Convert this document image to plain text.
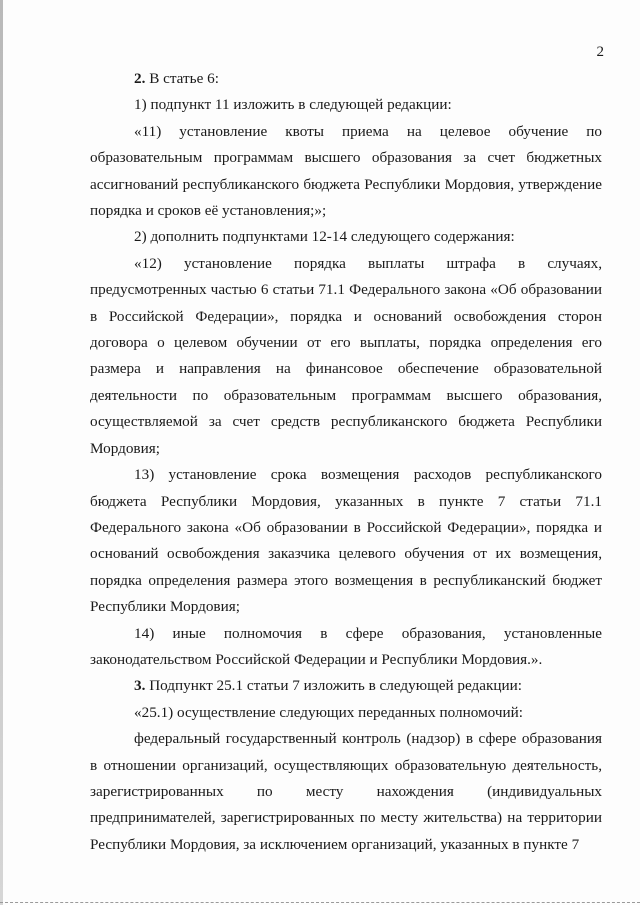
2

2. В статье 6:

1) подпункт 11 изложить в следующей редакции:

«11) установление квоты приема на целевое обучение по образовательным программам высшего образования за счет бюджетных ассигнований республиканского бюджета Республики Мордовия, утверждение порядка и сроков её установления;»;

2) дополнить подпунктами 12-14 следующего содержания:

«12) установление порядка выплаты штрафа в случаях, предусмотренных частью 6 статьи 71.1 Федерального закона «Об образовании в Российской Федерации», порядка и оснований освобождения сторон договора о целевом обучении от его выплаты, порядка определения его размера и направления на финансовое обеспечение образовательной деятельности по образовательным программам высшего образования, осуществляемой за счет средств республиканского бюджета Республики Мордовия;

13) установление срока возмещения расходов республиканского бюджета Республики Мордовия, указанных в пункте 7 статьи 71.1 Федерального закона «Об образовании в Российской Федерации», порядка и оснований освобождения заказчика целевого обучения от их возмещения, порядка определения размера этого возмещения в республиканский бюджет Республики Мордовия;

14) иные полномочия в сфере образования, установленные законодательством Российской Федерации и Республики Мордовия.».

3. Подпункт 25.1 статьи 7 изложить в следующей редакции:

«25.1) осуществление следующих переданных полномочий:

федеральный государственный контроль (надзор) в сфере образования в отношении организаций, осуществляющих образовательную деятельность, зарегистрированных по месту нахождения (индивидуальных предпринимателей, зарегистрированных по месту жительства) на территории Республики Мордовия, за исключением организаций, указанных в пункте 7
